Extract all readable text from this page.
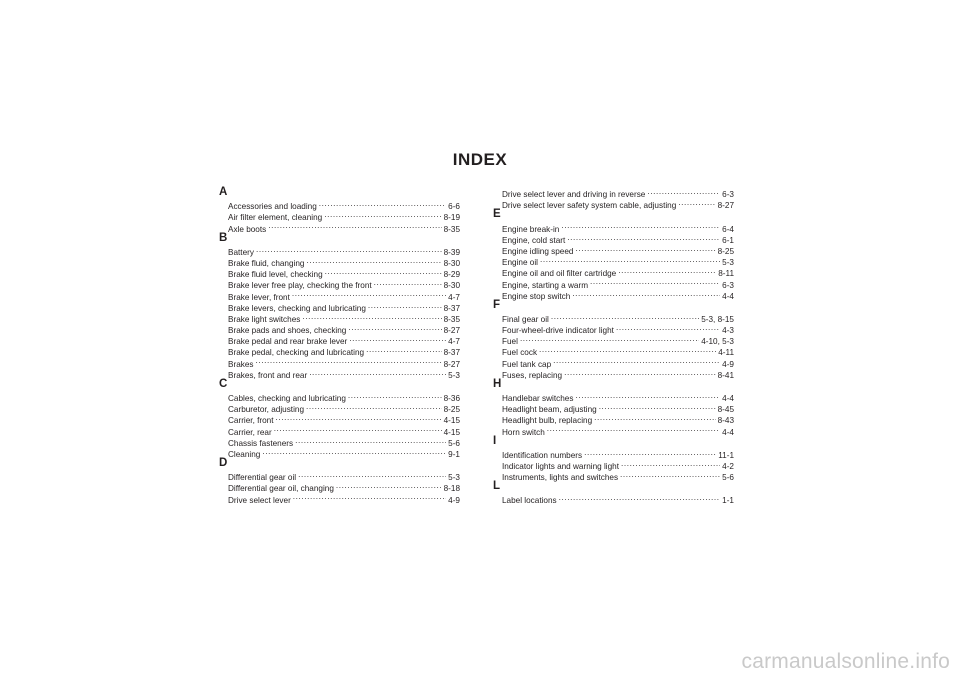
INDEX
A
Accessories and loading .....	6-6
Air filter element, cleaning .....	8-19
Axle boots .....	8-35
B
Battery .....	8-39
Brake fluid, changing .....	8-30
Brake fluid level, checking .....	8-29
Brake lever free play, checking the front .....	8-30
Brake lever, front .....	4-7
Brake levers, checking and lubricating .....	8-37
Brake light switches .....	8-35
Brake pads and shoes, checking .....	8-27
Brake pedal and rear brake lever .....	4-7
Brake pedal, checking and lubricating .....	8-37
Brakes .....	8-27
Brakes, front and rear .....	5-3
C
Cables, checking and lubricating .....	8-36
Carburetor, adjusting .....	8-25
Carrier, front .....	4-15
Carrier, rear .....	4-15
Chassis fasteners .....	5-6
Cleaning .....	9-1
D
Differential gear oil .....	5-3
Differential gear oil, changing .....	8-18
Drive select lever .....	4-9
Drive select lever and driving in reverse .....	6-3
Drive select lever safety system cable, adjusting .....	8-27
E
Engine break-in .....	6-4
Engine, cold start .....	6-1
Engine idling speed .....	8-25
Engine oil .....	5-3
Engine oil and oil filter cartridge .....	8-11
Engine, starting a warm .....	6-3
Engine stop switch .....	4-4
F
Final gear oil .....	5-3, 8-15
Four-wheel-drive indicator light .....	4-3
Fuel .....	4-10, 5-3
Fuel cock .....	4-11
Fuel tank cap .....	4-9
Fuses, replacing .....	8-41
H
Handlebar switches .....	4-4
Headlight beam, adjusting .....	8-45
Headlight bulb, replacing .....	8-43
Horn switch .....	4-4
I
Identification numbers .....	11-1
Indicator lights and warning light .....	4-2
Instruments, lights and switches .....	5-6
L
Label locations .....	1-1
carmanualsonline.info
